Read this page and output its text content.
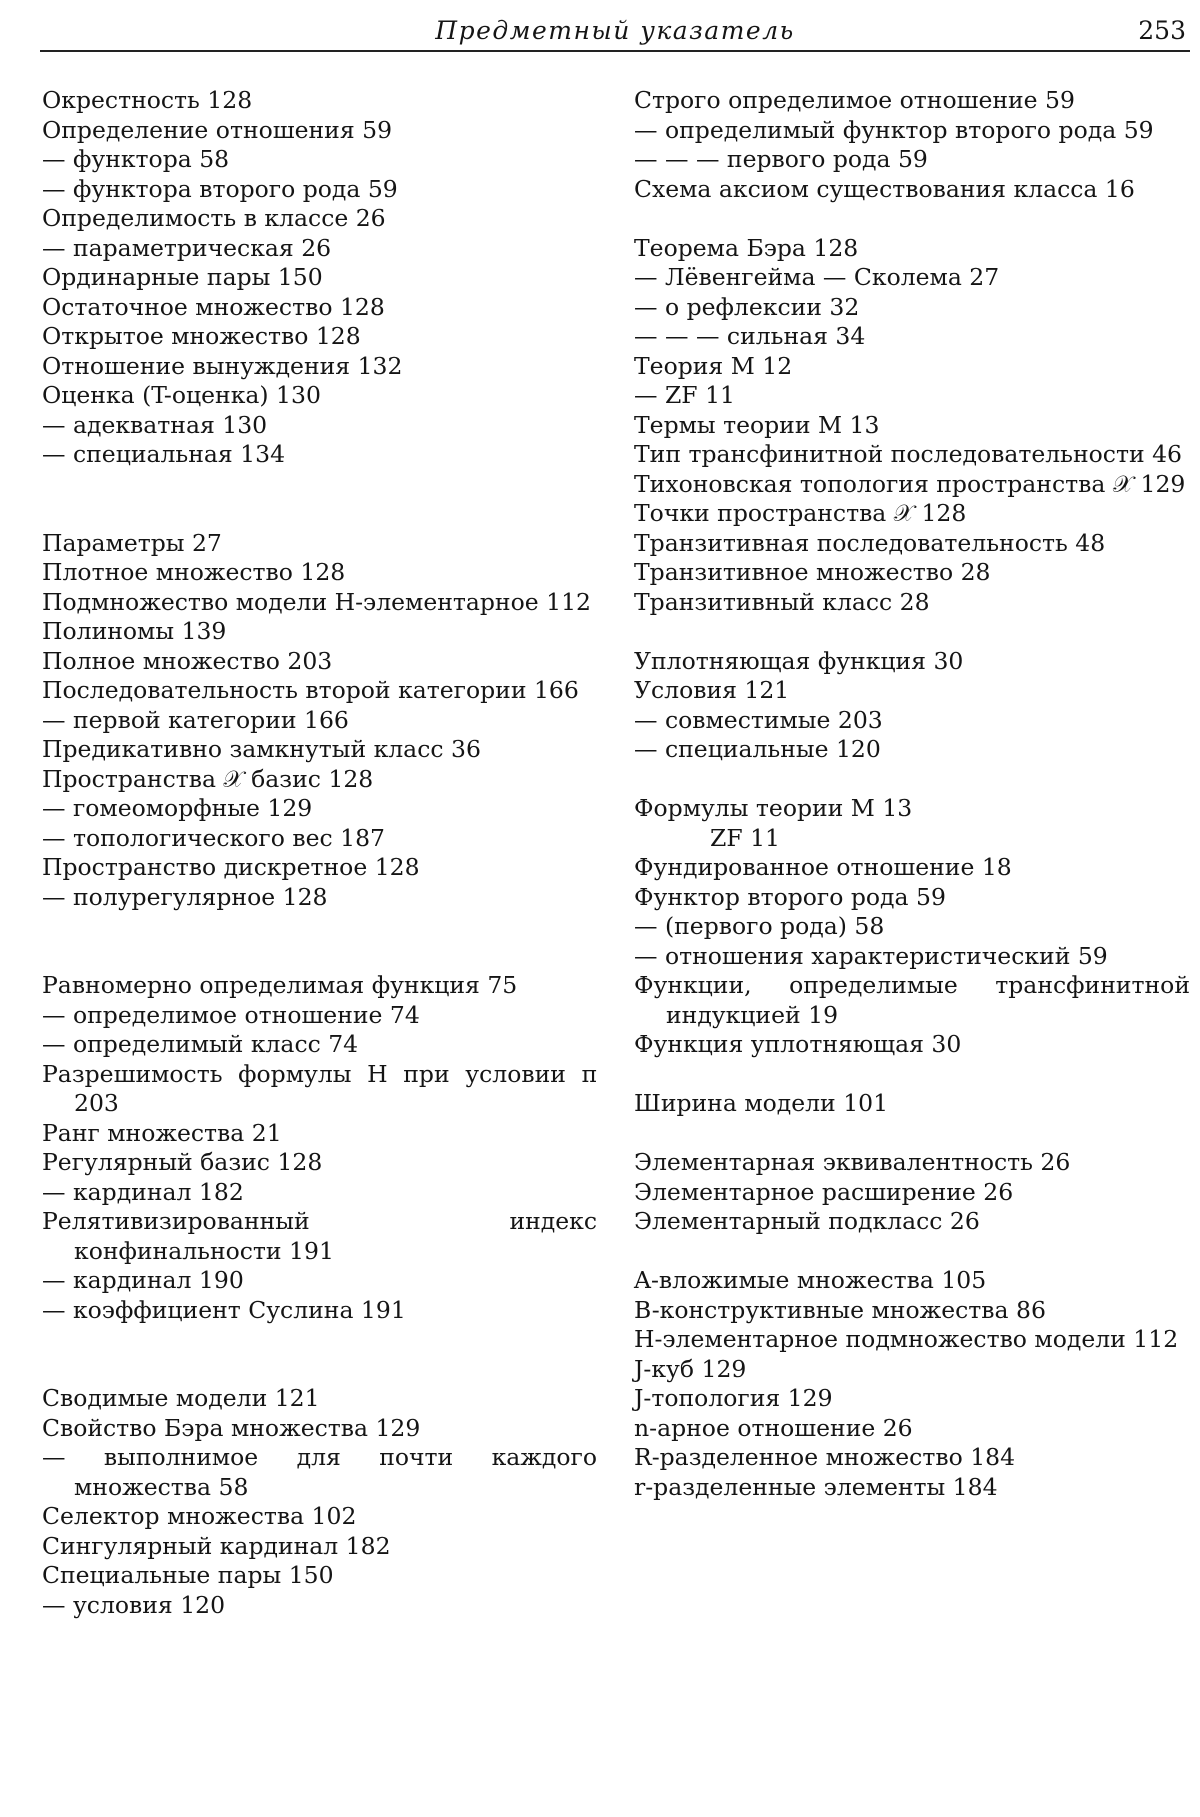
Предметный указатель	253
Окрестность 128
Определение отношения 59
— функтора 58
— функтора второго рода 59
Определимость в классе 26
— параметрическая 26
Ординарные пары 150
Остаточное множество 128
Открытое множество 128
Отношение вынуждения 132
Оценка (T-оценка) 130
— адекватная 130
— специальная 134
Параметры 27
Плотное множество 128
Подмножество модели H-элементарное 112
Полиномы 139
Полное множество 203
Последовательность второй категории 166
— первой категории 166
Предикативно замкнутый класс 36
Пространства 𝒳 базис 128
— гомеоморфные 129
— топологического вес 187
Пространство дискретное 128
— полурегулярное 128
Равномерно определимая функция 75
— определимое отношение 74
— определимый класс 74
Разрешимость формулы H при условии π 203
Ранг множества 21
Регулярный базис 128
— кардинал 182
Релятивизированный индекс конфинальности 191
— кардинал 190
— коэффициент Суслина 191
Сводимые модели 121
Свойство Бэра множества 129
— выполнимое для почти каждого множества 58
Селектор множества 102
Сингулярный кардинал 182
Специальные пары 150
— условия 120
Строго определимое отношение 59
— определимый функтор второго рода 59
— — — первого рода 59
Схема аксиом существования класса 16
Теорема Бэра 128
— Лёвенгейма — Сколема 27
— о рефлексии 32
— — — сильная 34
Теория M 12
— ZF 11
Термы теории M 13
Тип трансфинитной последовательности 46
Тихоновская топология пространства 𝒳 129
Точки пространства 𝒳 128
Транзитивная последовательность 48
Транзитивное множество 28
Транзитивный класс 28
Уплотняющая функция 30
Условия 121
— совместимые 203
— специальные 120
Формулы теории M 13
ZF 11
Фундированное отношение 18
Функтор второго рода 59
— (первого рода) 58
— отношения характеристический 59
Функции, определимые трансфинитной индукцией 19
Функция уплотняющая 30
Ширина модели 101
Элементарная эквивалентность 26
Элементарное расширение 26
Элементарный подкласс 26
A-вложимые множества 105
B-конструктивные множества 86
H-элементарное подмножество модели 112
J-куб 129
J-топология 129
n-арное отношение 26
R-разделенное множество 184
r-разделенные элементы 184
